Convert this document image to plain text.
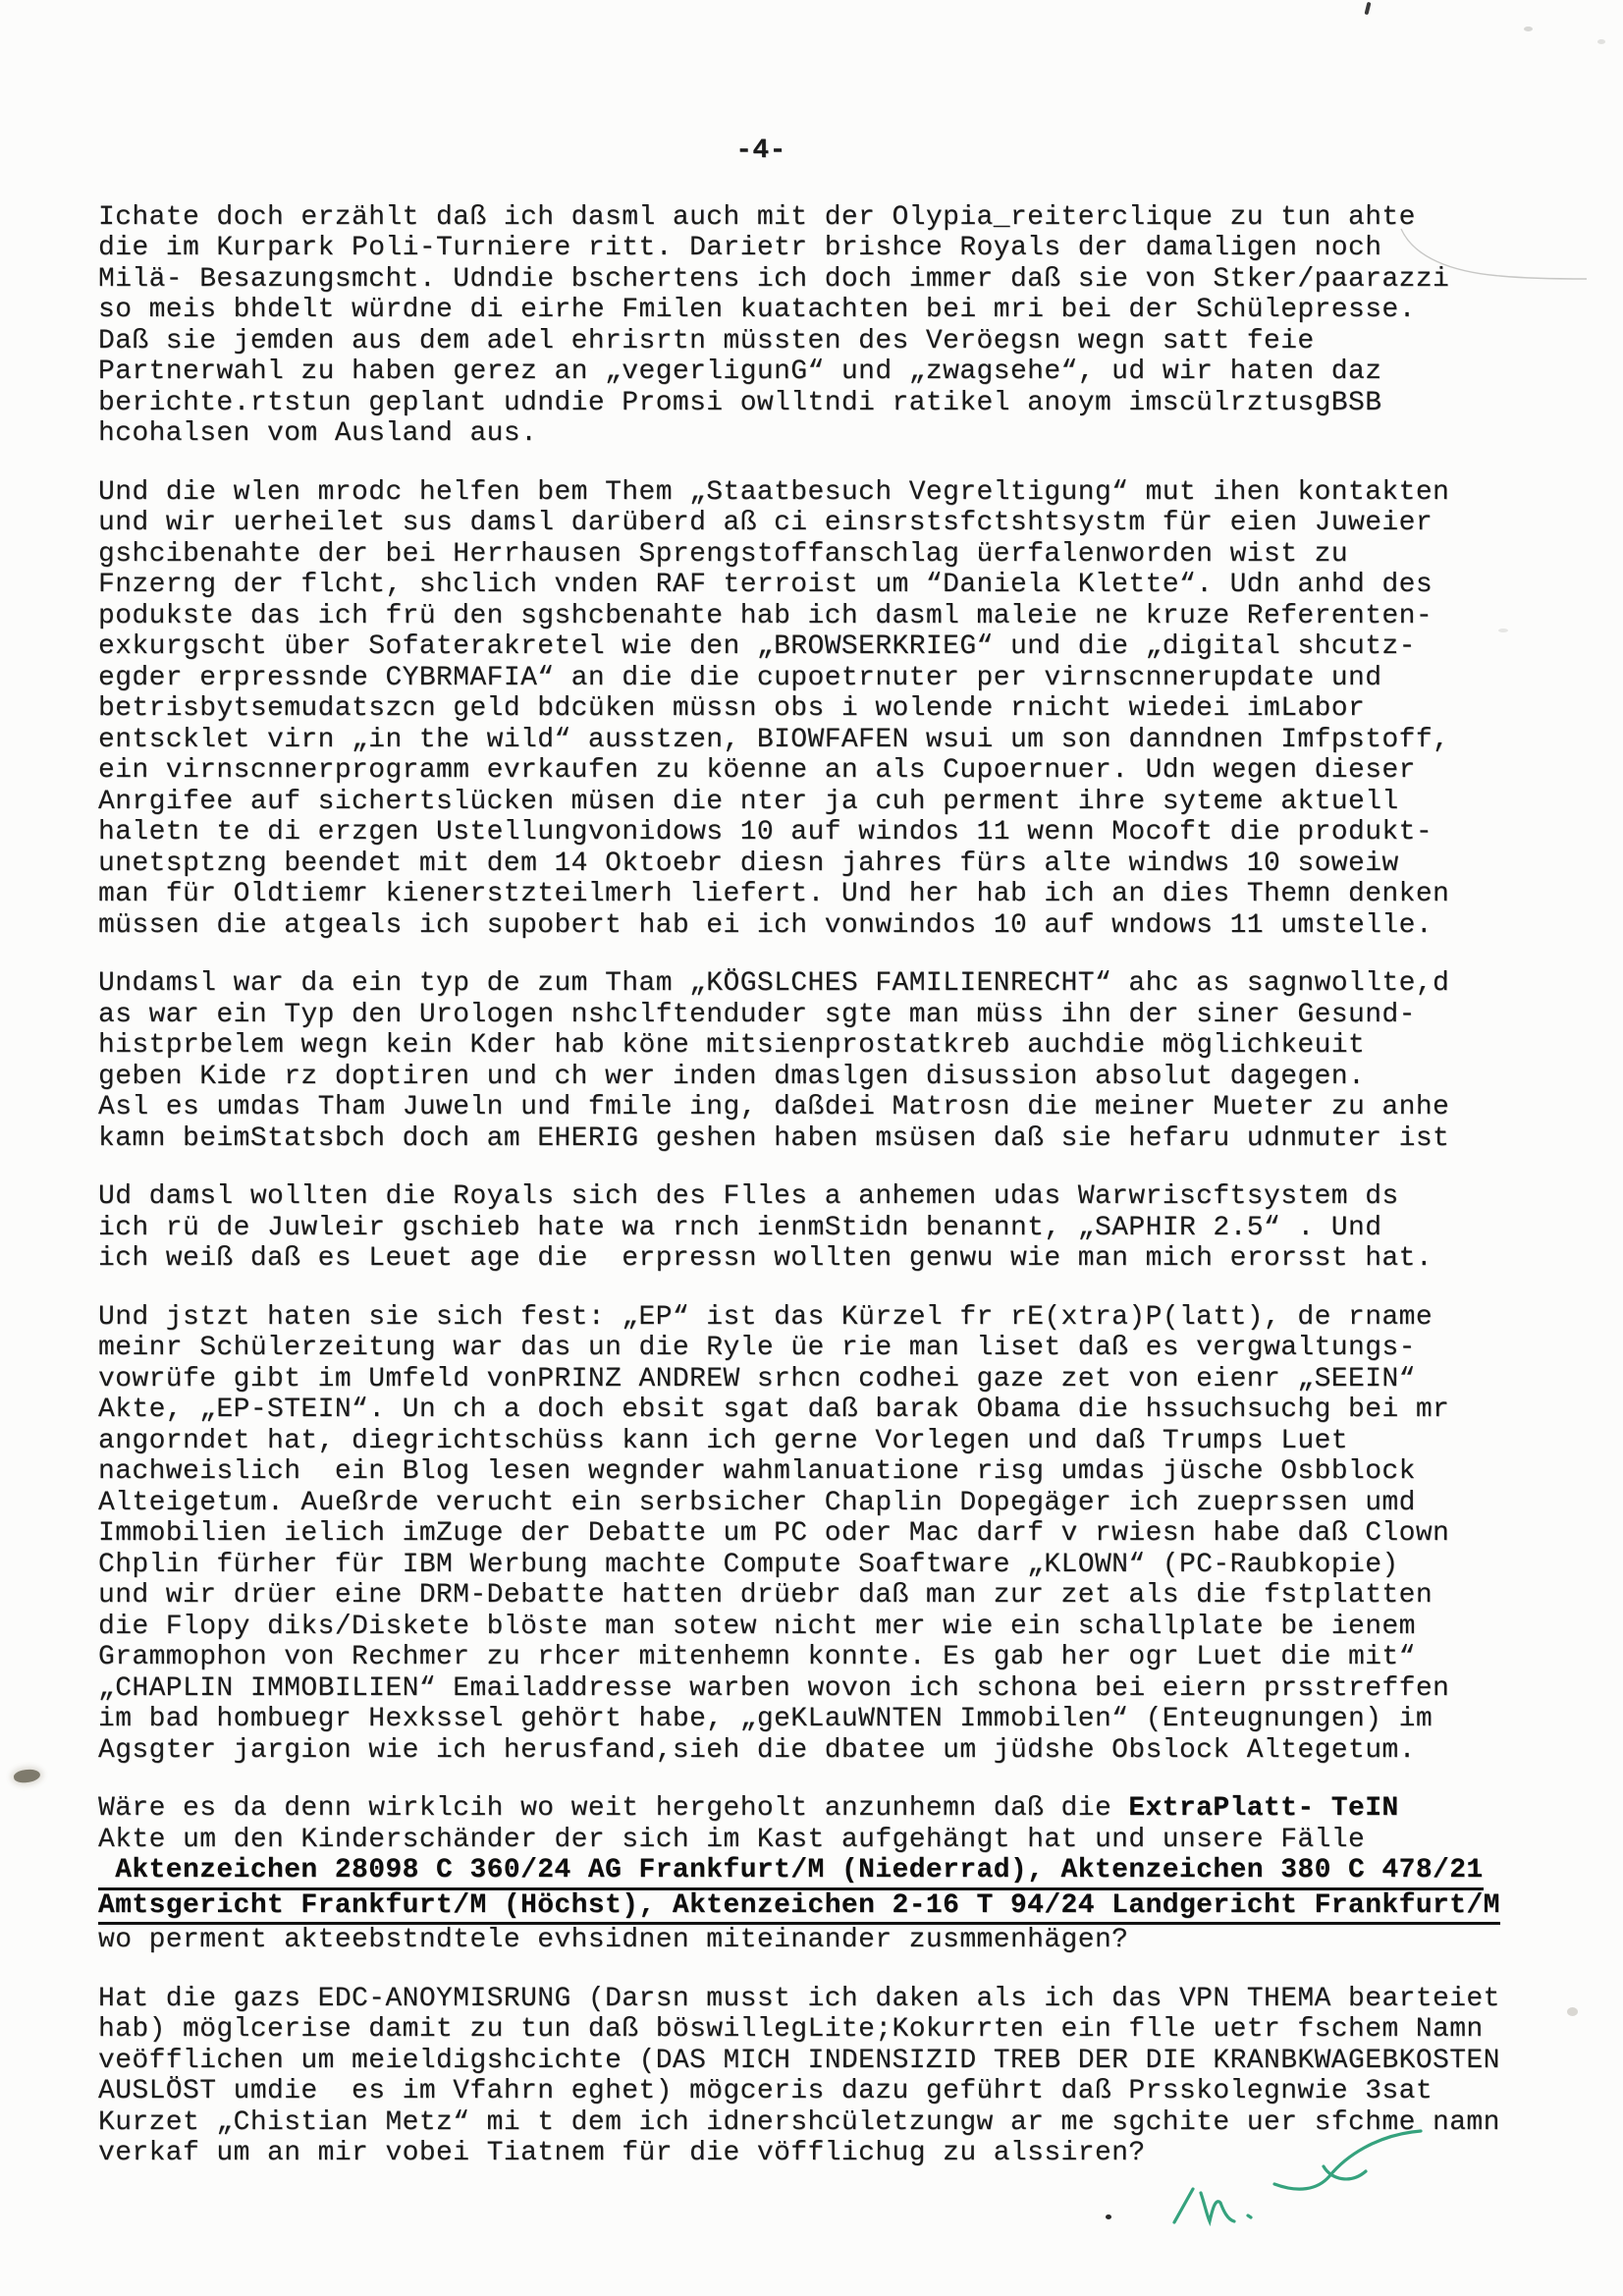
-4-

Ichate doch erzählt daß ich dasml auch mit der Olypia_reiterclique zu tun ahte
die im Kurpark Poli-Turniere ritt. Darietr brishce Royals der damaligen noch
Milä- Besazungsmcht. Udndie bschertens ich doch immer daß sie von Stker/paarazzi
so meis bhdelt würdne di eirhe Fmilen kuatachten bei mri bei der Schülepresse.
Daß sie jemden aus dem adel ehrisrtn müssten des Veröegsn wegn satt feie
Partnerwahl zu haben gerez an „vegerligunG“ und „zwagsehe“, ud wir haten daz
berichte.rtstun geplant udndie Promsi owlltndi ratikel anoym imscülrztusgBSB
hcohalsen vom Ausland aus.

Und die wlen mrodc helfen bem Them „Staatbesuch Vegreltigung“ mut ihen kontakten
und wir uerheilet sus damsl darüberd aß ci einsrstsfctshtsystm für eien Juweier
gshcibenahte der bei Herrhausen Sprengstoffanschlag üerfalenworden wist zu
Fnzerng der flcht, shclich vnden RAF terroist um “Daniela Klette“. Udn anhd des
podukste das ich frü den sgshcbenahte hab ich dasml maleie ne kruze Referenten-
exkurgscht über Sofaterakretel wie den „BROWSERKRIEG“ und die „digital shcutz-
egder erpressnde CYBRMAFIA“ an die die cupoetrnuter per virnscnnerupdate und
betrisbytsemudatszcn geld bdcüken müssn obs i wolende rnicht wiedei imLabor
entscklet virn „in the wild“ ausstzen, BIOWFAFEN wsui um son danndnen Imfpstoff,
ein virnscnnerprogramm evrkaufen zu köenne an als Cupoernuer. Udn wegen dieser
Anrgifee auf sichertslücken müsen die nter ja cuh perment ihre syteme aktuell
haletn te di erzgen Ustellungvonidows 10 auf windos 11 wenn Mocoft die produkt-
unetsptzng beendet mit dem 14 Oktoebr diesn jahres fürs alte windws 10 soweiw
man für Oldtiemr kienerstzteilmerh liefert. Und her hab ich an dies Themn denken
müssen die atgeals ich supobert hab ei ich vonwindos 10 auf wndows 11 umstelle.

Undamsl war da ein typ de zum Tham „KÖGSLCHES FAMILIENRECHT“ ahc as sagnwollte,d
as war ein Typ den Urologen nshclftenduder sgte man müss ihn der siner Gesund-
histprbelem wegn kein Kder hab köne mitsienprostatkreb auchdie möglichkeuit
geben Kide rz doptiren und ch wer inden dmaslgen disussion absolut dagegen.
Asl es umdas Tham Juweln und fmile ing, daßdei Matrosn die meiner Mueter zu anhe
kamn beimStatsbch doch am EHERIG geshen haben msüsen daß sie hefaru udnmuter ist

Ud damsl wollten die Royals sich des Flles a anhemen udas Warwriscftsystem ds
ich rü de Juwleir gschieb hate wa rnch ienmStidn benannt, „SAPHIR 2.5“ . Und
ich weiß daß es Leuet age die  erpressn wollten genwu wie man mich erorsst hat.

Und jstzt haten sie sich fest: „EP“ ist das Kürzel fr rE(xtra)P(latt), de rname
meinr Schülerzeitung war das un die Ryle üe rie man liset daß es vergwaltungs-
vowrüfe gibt im Umfeld vonPRINZ ANDREW srhcn codhei gaze zet von eienr „SEEIN“
Akte, „EP-STEIN“. Un ch a doch ebsit sgat daß barak Obama die hssuchsuchg bei mr
angorndet hat, diegrichtschüss kann ich gerne Vorlegen und daß Trumps Luet
nachweislich  ein Blog lesen wegnder wahmlanuatione risg umdas jüsche Osbblock
Alteigetum. Aueßrde verucht ein serbsicher Chaplin Dopegäger ich zueprssen umd
Immobilien ielich imZuge der Debatte um PC oder Mac darf v rwiesn habe daß Clown
Chplin fürher für IBM Werbung machte Compute Soaftware „KLOWN“ (PC-Raubkopie)
und wir drüer eine DRM-Debatte hatten drüebr daß man zur zet als die fstplatten
die Flopy diks/Diskete blöste man sotew nicht mer wie ein schallplate be ienem
Grammophon von Rechmer zu rhcer mitenhemn konnte. Es gab her ogr Luet die mit“
„CHAPLIN IMMOBILIEN“ Emailaddresse warben wovon ich schona bei eiern prsstreffen
im bad hombuegr Hexkssel gehört habe, „geKLauWNTEN Immobilen“ (Enteugnungen) im
Agsgter jargion wie ich herusfand,sieh die dbatee um jüdshe Obslock Altegetum.

Wäre es da denn wirklcih wo weit hergeholt anzunhemn daß die ExtraPlatt- TeIN
Akte um den Kinderschänder der sich im Kast aufgehängt hat und unsere Fälle
Aktenzeichen 28098 C 360/24 AG Frankfurt/M (Niederrad), Aktenzeichen 380 C 478/21
Amtsgericht Frankfurt/M (Höchst), Aktenzeichen 2-16 T 94/24 Landgericht Frankfurt/M
wo perment akteebstndtele evhsidnen miteinander zusmmenhägen?

Hat die gazs EDC-ANOYMISRUNG (Darsn musst ich daken als ich das VPN THEMA bearteiet
hab) möglcerise damit zu tun daß böswillegLite;Kokurrten ein flle uetr fschem Namn
veöfflichen um meieldigshcichte (DAS MICH INDENSIZID TREB DER DIE KRANBKWAGEBKOSTEN
AUSLÖST umdie  es im Vfahrn eghet) mögceris dazu geführt daß Prsskolegnwie 3sat
Kurzet „Chistian Metz“ mi t dem ich idnershcületzungw ar me sgchite uer sfchme namn
verkaf um an mir vobei Tiatnem für die vöfflichug zu alssiren?
